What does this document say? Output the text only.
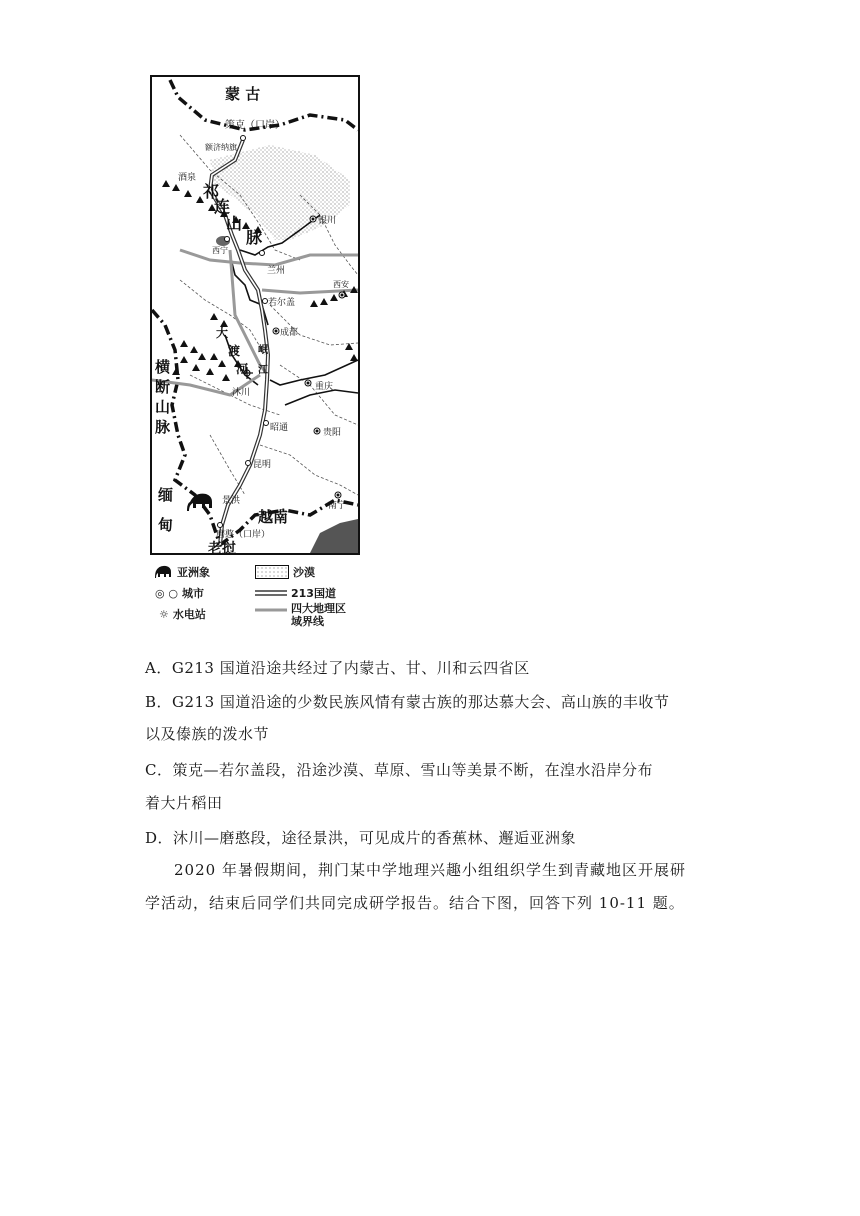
蒙 古
策克（口岸）
额济纳旗
酒泉
祁
连
山
脉
银川
西宁
兰州
西安
若尔盖
大
渡
河
岷
江
成都
横
断
山
脉
沐川
重庆
昭通	贵阳
昆明
缅
甸	越南
南宁
景洪
磨憨（口岸）
老挝
亚洲象	沙漠
◎ ○ 城市	213国道
☼ 水电站	四大地理区域界线
A．G213 国道沿途共经过了内蒙古、甘、川和云四省区
B．G213 国道沿途的少数民族风情有蒙古族的那达慕大会、高山族的丰收节
以及傣族的泼水节
C．策克—若尔盖段，沿途沙漠、草原、雪山等美景不断，在湟水沿岸分布
着大片稻田
D．沐川—磨憨段，途径景洪，可见成片的香蕉林、邂逅亚洲象
2020 年暑假期间，荆门某中学地理兴趣小组组织学生到青藏地区开展研
学活动，结束后同学们共同完成研学报告。结合下图，回答下列 10-11 题。
